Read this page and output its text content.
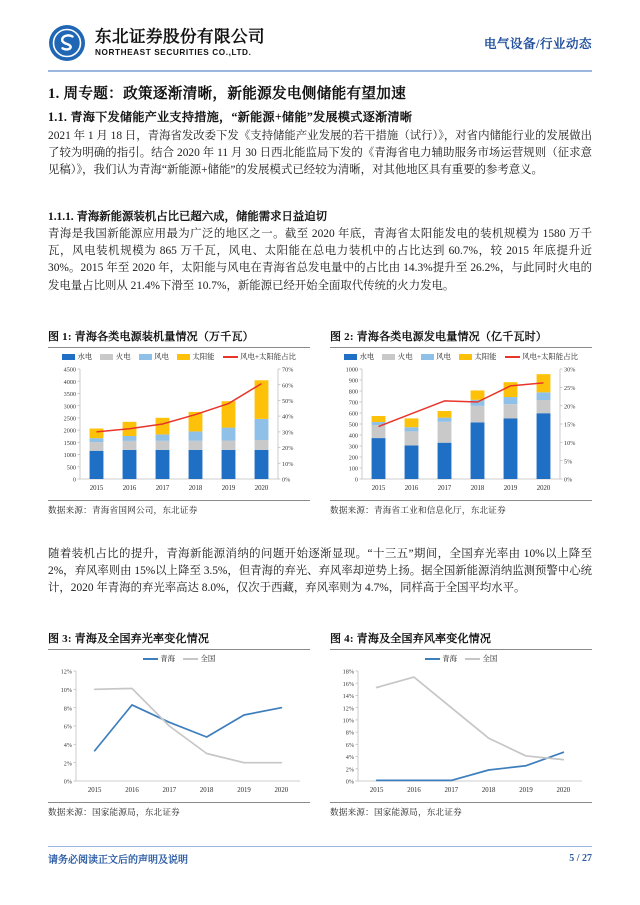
东北证券股份有限公司
NORTHEAST SECURITIES CO.,LTD.
电气设备/行业动态
1. 周专题：政策逐渐清晰，新能源发电侧储能有望加速
1.1. 青海下发储能产业支持措施，“新能源+储能”发展模式逐渐清晰
2021 年 1 月 18 日，青海省发改委下发《支持储能产业发展的若干措施（试行）》，对省内储能行业的发展做出了较为明确的指引。结合 2020 年 11 月 30 日西北能监局下发的《青海省电力辅助服务市场运营规则（征求意见稿）》，我们认为青海“新能源+储能”的发展模式已经较为清晰，对其他地区具有重要的参考意义。
1.1.1. 青海新能源装机占比已超六成，储能需求日益迫切
青海是我国新能源应用最为广泛的地区之一。截至 2020 年底，青海省太阳能发电的装机规模为 1580 万千瓦，风电装机规模为 865 万千瓦，风电、太阳能在总电力装机中的占比达到 60.7%，较 2015 年底提升近 30%。2015 年至 2020 年，太阳能与风电在青海省总发电量中的占比由 14.3%提升至 26.2%，与此同时火电的发电量占比则从 21.4%下滑至 10.7%，新能源已经开始全面取代传统的火力发电。
随着装机占比的提升，青海新能源消纳的问题开始逐渐显现。“十三五”期间，全国弃光率由 10%以上降至 2%，弃风率则由 15%以上降至 3.5%，但青海的弃光、弃风率却逆势上扬。据全国新能源消纳监测预警中心统计，2020 年青海的弃光率高达 8.0%，仅次于西藏，弃风率则为 4.7%，同样高于全国平均水平。
图 1: 青海各类电源装机量情况（万千瓦）
水电	火电	风电	太阳能	风电+太阳能占比
0
500
1000
1500
2000
2500
3000
3500
4000
4500
0%
10%
20%
30%
40%
50%
60%
70%
2015	2016	2017	2018	2019	2020
数据来源：青海省国网公司，东北证券
图 2: 青海各类电源发电量情况（亿千瓦时）
水电	火电	风电	太阳能	风电+太阳能占比
0
100
200
300
400
500
600
700
800
900
1000
0%
5%
10%
15%
20%
25%
30%
2015	2016	2017	2018	2019	2020
数据来源：青海省工业和信息化厅，东北证券
图 3: 青海及全国弃光率变化情况
青海	全国
0%
2%
4%
6%
8%
10%
12%
2015	2016	2017	2018	2019	2020
数据来源：国家能源局，东北证券
图 4: 青海及全国弃风率变化情况
青海	全国
0%
2%
4%
6%
8%
10%
12%
14%
16%
18%
2015	2016	2017	2018	2019	2020
数据来源：国家能源局，东北证券
请务必阅读正文后的声明及说明	5 / 27
